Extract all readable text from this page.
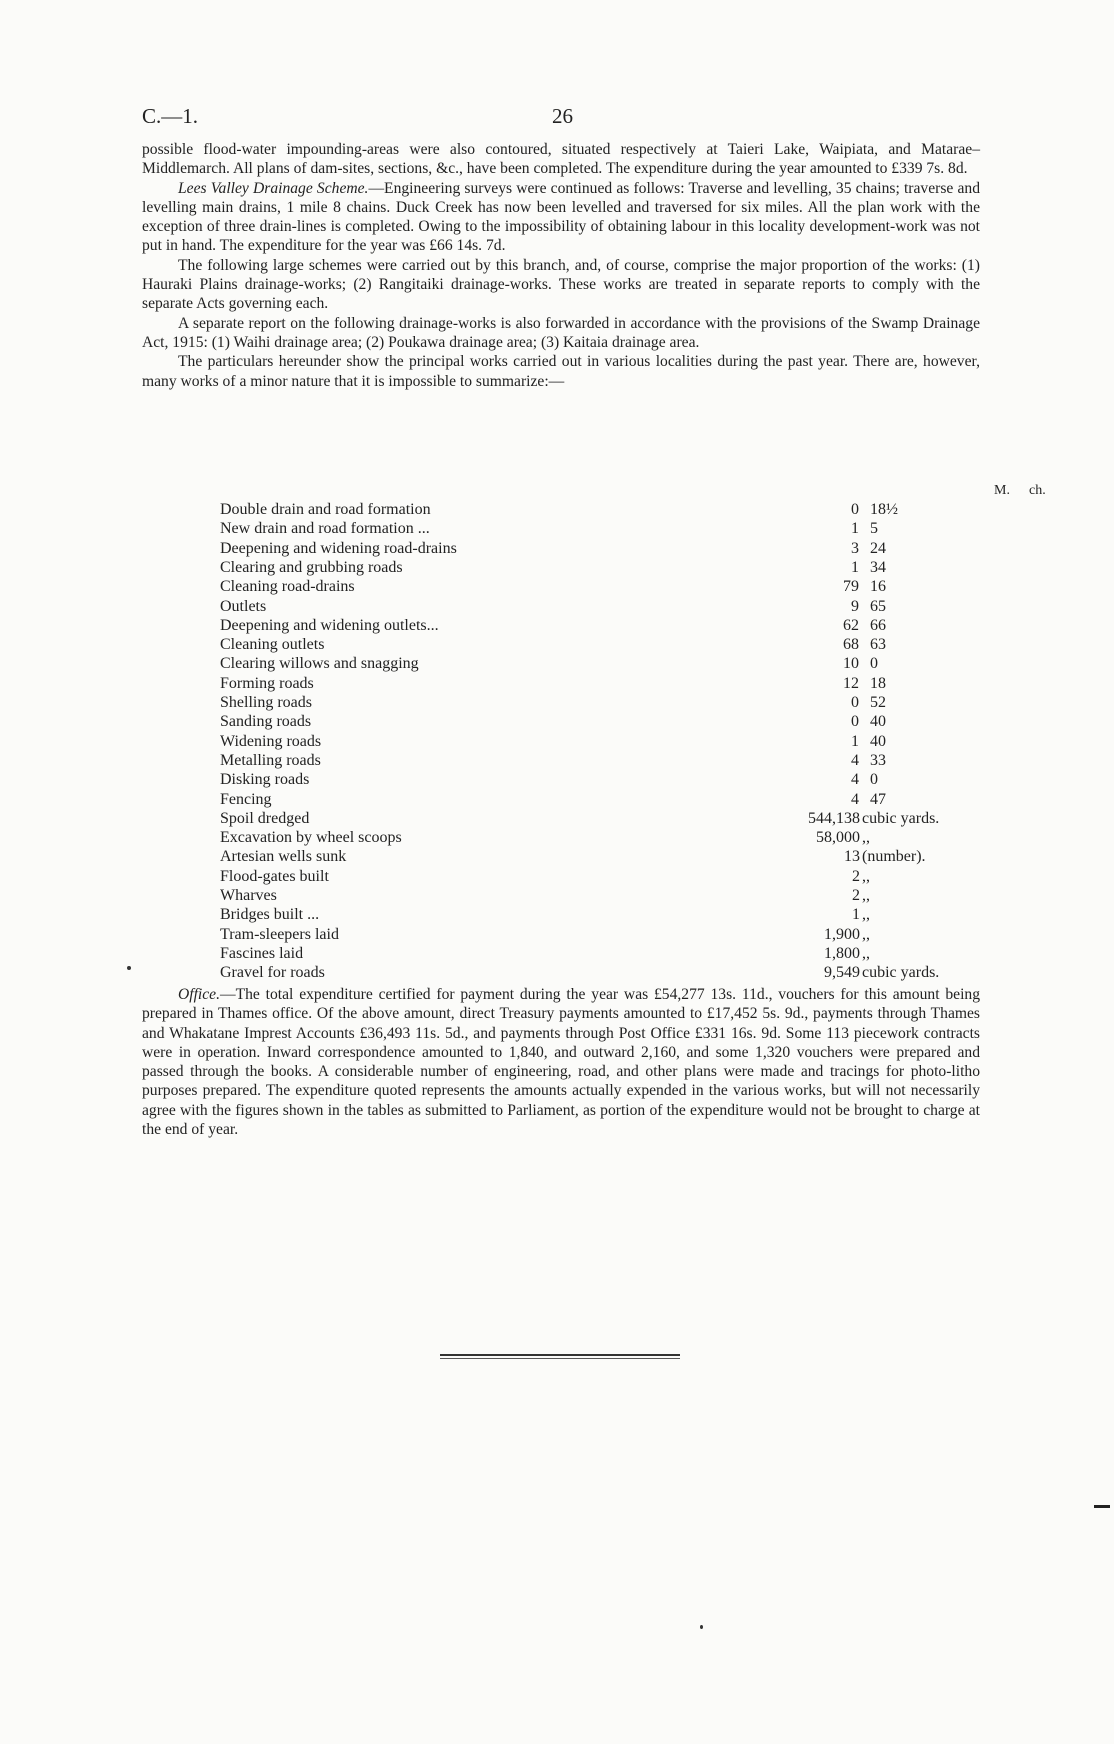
C.—1.	26

possible flood-water impounding-areas were also contoured, situated respectively at Taieri Lake, Waipiata, and Matarae–Middlemarch. All plans of dam-sites, sections, &c., have been completed. The expenditure during the year amounted to £339 7s. 8d.

Lees Valley Drainage Scheme.—Engineering surveys were continued as follows: Traverse and levelling, 35 chains; traverse and levelling main drains, 1 mile 8 chains. Duck Creek has now been levelled and traversed for six miles. All the plan work with the exception of three drain-lines is completed. Owing to the impossibility of obtaining labour in this locality development-work was not put in hand. The expenditure for the year was £66 14s. 7d.

The following large schemes were carried out by this branch, and, of course, comprise the major proportion of the works: (1) Hauraki Plains drainage-works; (2) Rangitaiki drainage-works. These works are treated in separate reports to comply with the separate Acts governing each.

A separate report on the following drainage-works is also forwarded in accordance with the provisions of the Swamp Drainage Act, 1915: (1) Waihi drainage area; (2) Poukawa drainage area; (3) Kaitaia drainage area.

The particulars hereunder show the principal works carried out in various localities during the past year. There are, however, many works of a minor nature that it is impossible to summarize:—

M. ch.
Double drain and road formation	0 18½
New drain and road formation ...	1 5
Deepening and widening road-drains	3 24
Clearing and grubbing roads	1 34
Cleaning road-drains	79 16
Outlets	9 65
Deepening and widening outlets...	62 66
Cleaning outlets	68 63
Clearing willows and snagging	10 0
Forming roads	12 18
Shelling roads	0 52
Sanding roads	0 40
Widening roads	1 40
Metalling roads	4 33
Disking roads	4 0
Fencing	4 47
Spoil dredged	544,138 cubic yards.
Excavation by wheel scoops	58,000 ,,
Artesian wells sunk	13 (number).
Flood-gates built	2 ,,
Wharves	2 ,,
Bridges built ...	1 ,,
Tram-sleepers laid	1,900 ,,
Fascines laid	1,800 ,,
Gravel for roads	9,549 cubic yards.

Office.—The total expenditure certified for payment during the year was £54,277 13s. 11d., vouchers for this amount being prepared in Thames office. Of the above amount, direct Treasury payments amounted to £17,452 5s. 9d., payments through Thames and Whakatane Imprest Accounts £36,493 11s. 5d., and payments through Post Office £331 16s. 9d. Some 113 piecework contracts were in operation. Inward correspondence amounted to 1,840, and outward 2,160, and some 1,320 vouchers were prepared and passed through the books. A considerable number of engineering, road, and other plans were made and tracings for photo-litho purposes prepared. The expenditure quoted represents the amounts actually expended in the various works, but will not necessarily agree with the figures shown in the tables as submitted to Parliament, as portion of the expenditure would not be brought to charge at the end of year.
